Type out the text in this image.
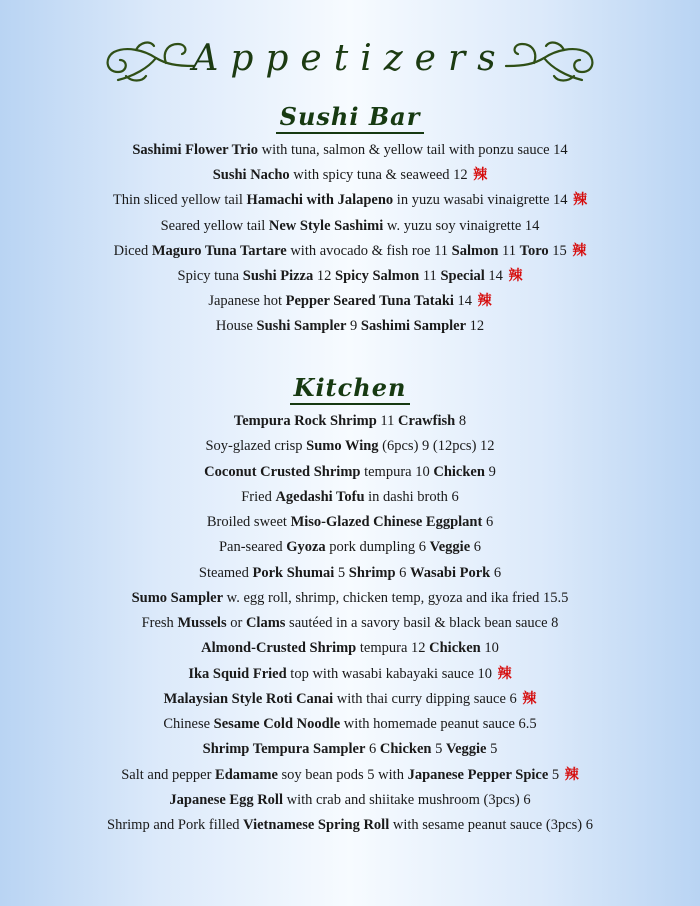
Appetizers
Sushi Bar
Sashimi Flower Trio with tuna, salmon & yellow tail with ponzu sauce 14
Sushi Nacho with spicy tuna & seaweed 12 辣
Thin sliced yellow tail Hamachi with Jalapeno in yuzu wasabi vinaigrette 14 辣
Seared yellow tail New Style Sashimi w. yuzu soy vinaigrette 14
Diced Maguro Tuna Tartare with avocado & fish roe 11 Salmon 11 Toro 15 辣
Spicy tuna Sushi Pizza 12 Spicy Salmon 11 Special 14 辣
Japanese hot Pepper Seared Tuna Tataki 14 辣
House Sushi Sampler 9 Sashimi Sampler 12
Kitchen
Tempura Rock Shrimp 11 Crawfish 8
Soy-glazed crisp Sumo Wing (6pcs) 9 (12pcs) 12
Coconut Crusted Shrimp tempura 10 Chicken 9
Fried Agedashi Tofu in dashi broth 6
Broiled sweet Miso-Glazed Chinese Eggplant 6
Pan-seared Gyoza pork dumpling 6 Veggie 6
Steamed Pork Shumai 5 Shrimp 6 Wasabi Pork 6
Sumo Sampler w. egg roll, shrimp, chicken temp, gyoza and ika fried 15.5
Fresh Mussels or Clams sautéed in a savory basil & black bean sauce 8
Almond-Crusted Shrimp tempura 12 Chicken 10
Ika Squid Fried top with wasabi kabayaki sauce 10 辣
Malaysian Style Roti Canai with thai curry dipping sauce 6 辣
Chinese Sesame Cold Noodle with homemade peanut sauce 6.5
Shrimp Tempura Sampler 6 Chicken 5 Veggie 5
Salt and pepper Edamame soy bean pods 5 with Japanese Pepper Spice 5 辣
Japanese Egg Roll with crab and shiitake mushroom (3pcs) 6
Shrimp and Pork filled Vietnamese Spring Roll with sesame peanut sauce (3pcs) 6
